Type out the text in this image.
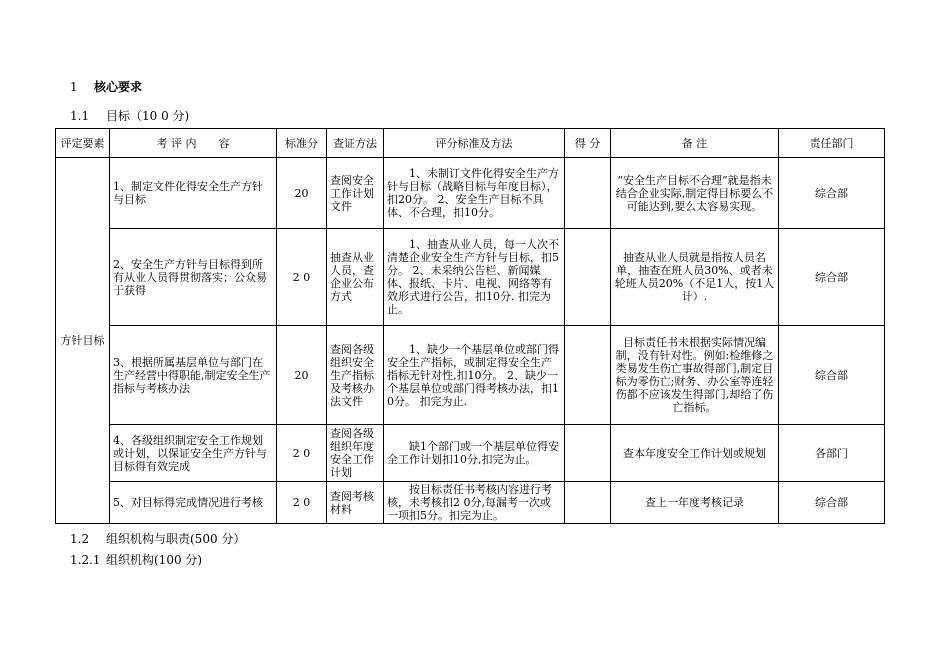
1 核心要求
1.1 目标（10 0 分)
评定要素	考 评 内　　容	标准分	查证方法	评分标准及方法	得 分	备 注	责任部门
方针目标	1、制定文件化得安全生产方针与目标	20	查阅安全工作计划文件	1、未制订文件化得安全生产方针与目标（战略目标与年度目标），扣20分。 2、安全生产目标不具体、不合理，扣10分。		“安全生产目标不合理”就是指未结合企业实际,制定得目标要么不可能达到,要么太容易实现。	综合部
	2、安全生产方针与目标得到所有从业人员得贯彻落实；公众易于获得	2 0	抽查从业人员，查企业公布方式	1、抽查从业人员，每一人次不清楚企业安全生产方针与目标，扣5分。 2、未采纳公告栏、新闻媒体、报纸、卡片、电视、网络等有效形式进行公告，扣10分. 扣完为止。		抽查从业人员就是指按人员名单，抽查在班人员30%、或者未轮班人员20%（不足1人，按1人计）.	综合部
	3、根据所属基层单位与部门在生产经营中得职能,制定安全生产指标与考核办法	20	查阅各级组织安全生产指标及考核办法文件	1、缺少一个基层单位或部门得安全生产指标，或制定得安全生产指标无针对性,扣10分。 2、缺少一个基层单位或部门得考核办法，扣1 0分。 扣完为止.		目标责任书未根据实际情况编制，没有针对性。例如:检维修之类易发生伤亡事故得部门,制定目标为零伤亡;财务、办公室等连轻伤都不应该发生得部门,却给了伤亡指标。	综合部
	4、各级组织制定安全工作规划或计划，以保证安全生产方针与目标得有效完成	2 0	查阅各级组织年度安全工作计划	缺1个部门或一个基层单位得安全工作计划扣10分,扣完为止。		查本年度安全工作计划或规划	各部门
	5、对目标得完成情况进行考核	2 0	查阅考核材料	按目标责任书考核内容进行考核，未考核扣2 0分,每漏考一次或一项扣5分。扣完为止。		查上一年度考核记录	综合部
1.2 组织机构与职责(500 分）
1.2.1 组织机构(100 分)
